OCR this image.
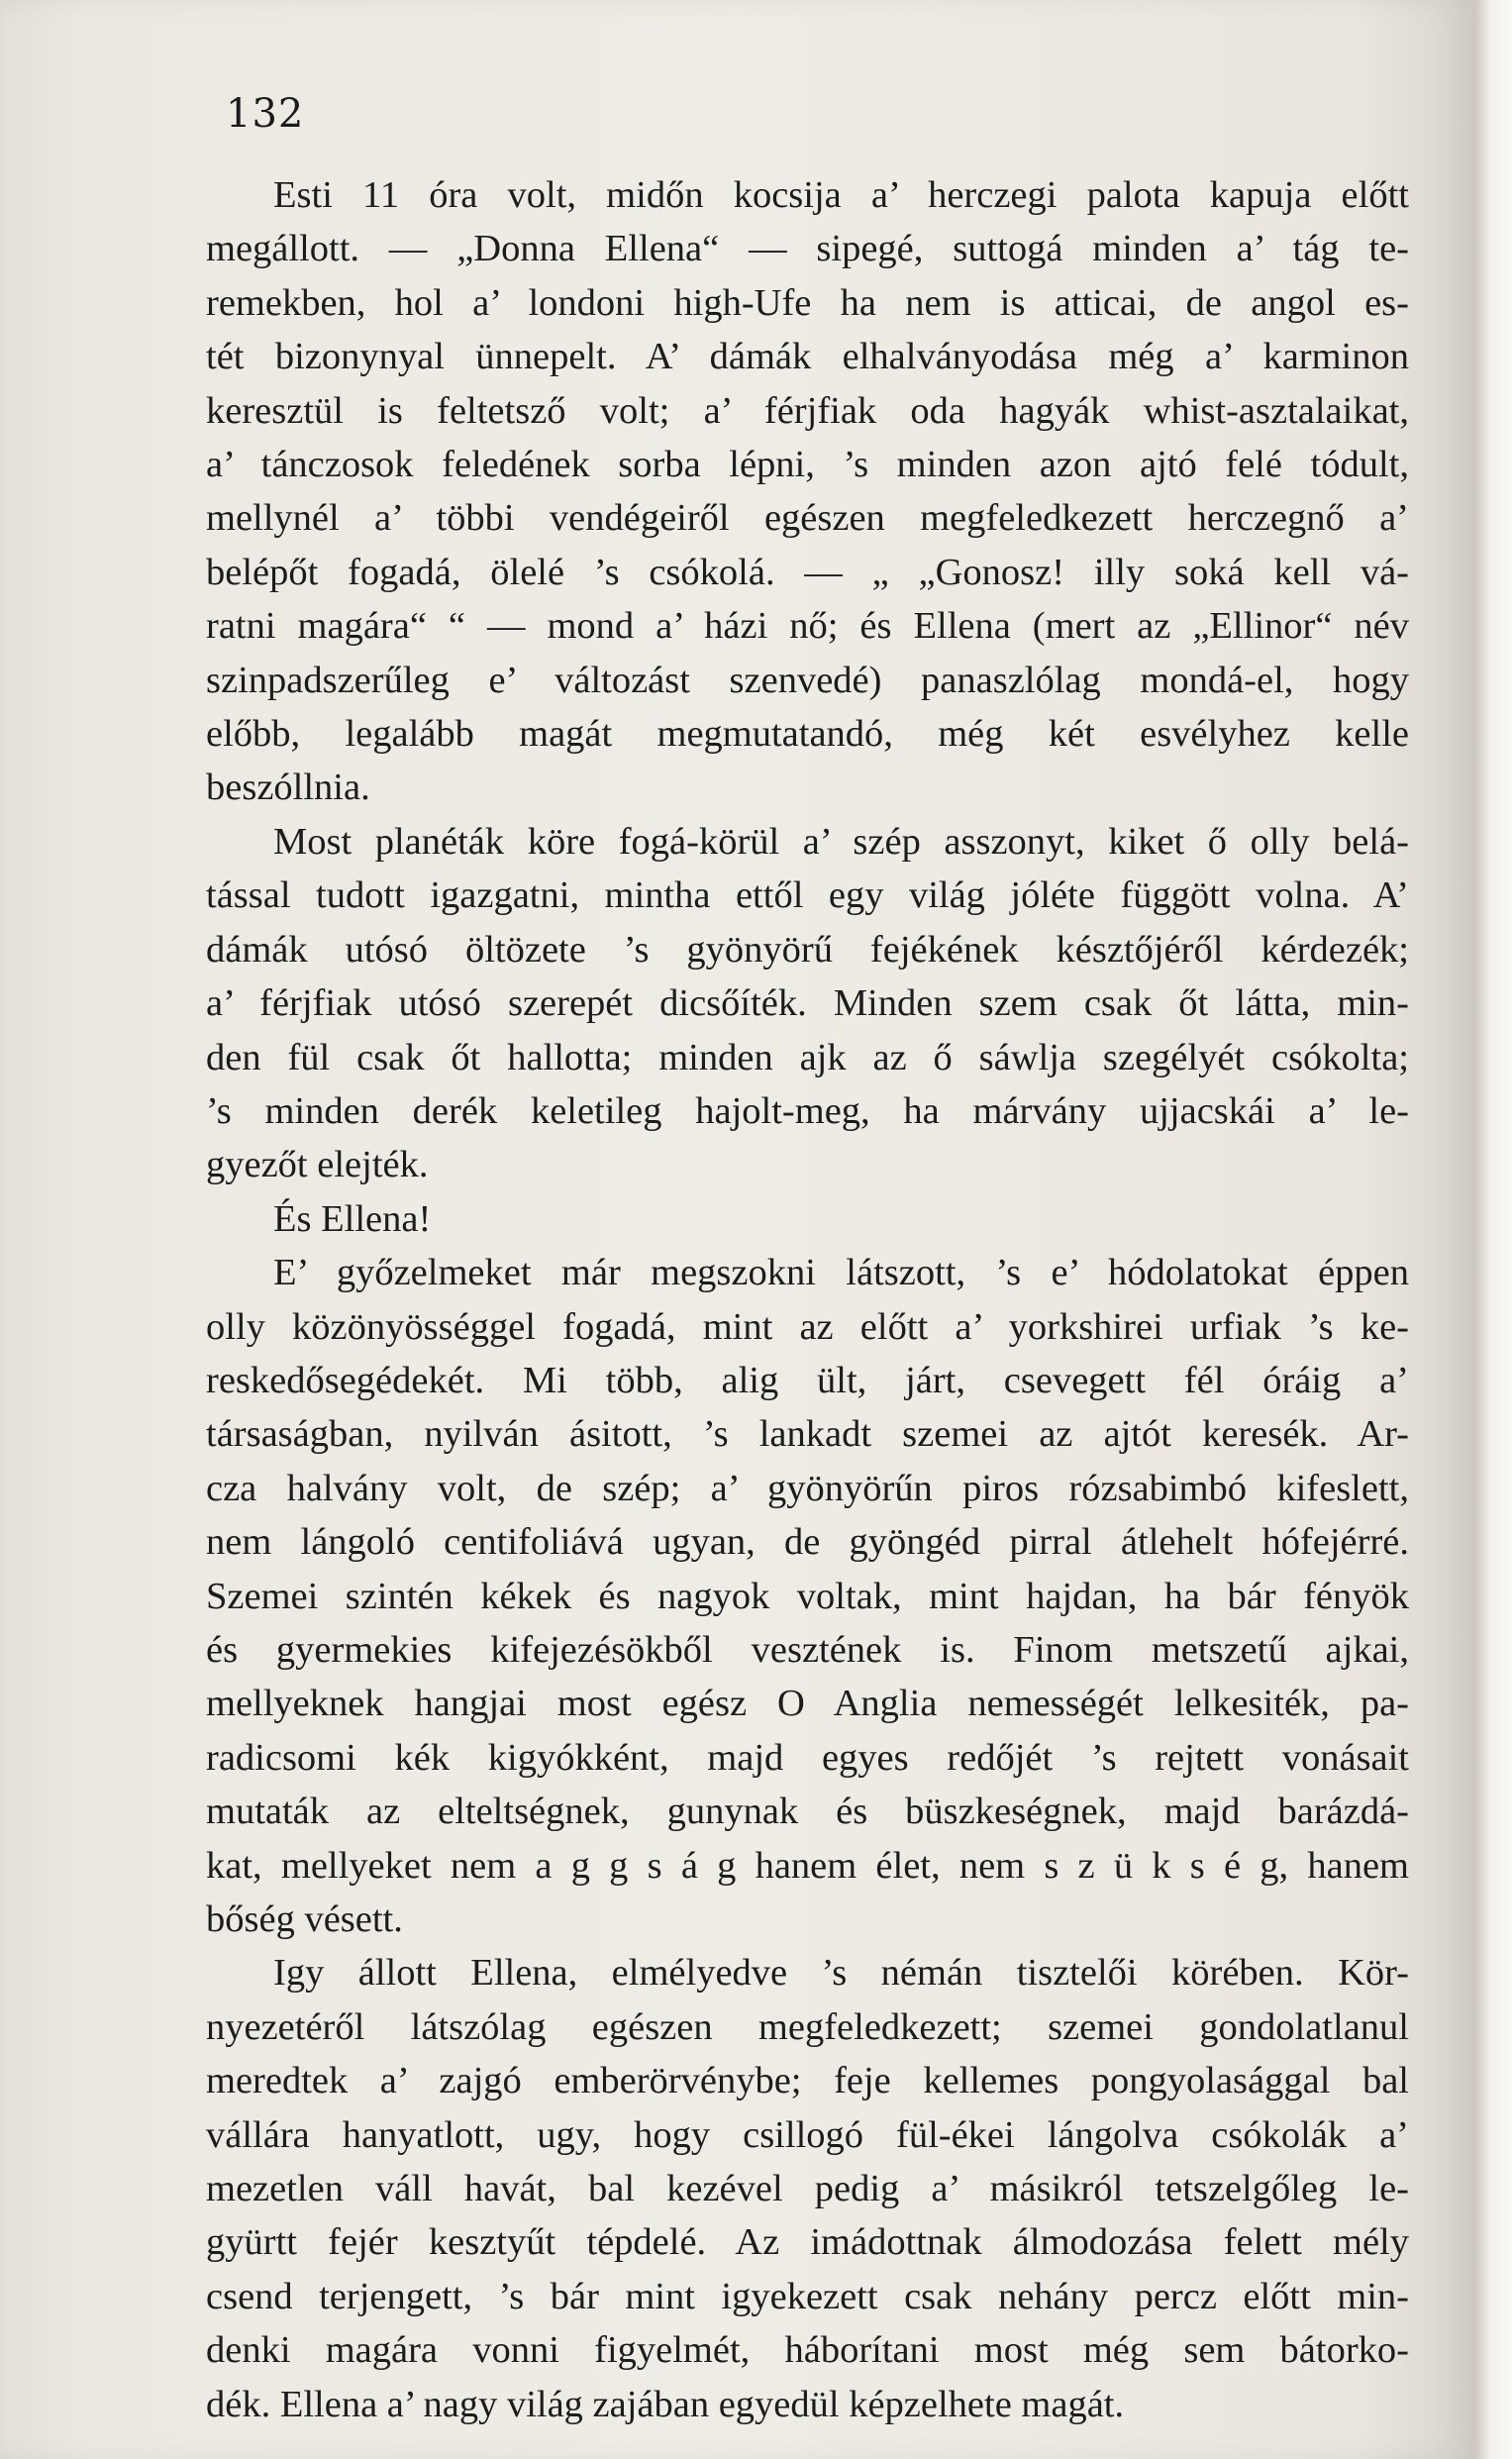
132

Esti 11 óra volt, midőn kocsija a’ herczegi palota kapuja előtt
megállott. — „Donna Ellena“ — sipegé, suttogá minden a’ tág te-
remekben, hol a’ londoni high-Ufe ha nem is atticai, de angol es-
tét bizonynyal ünnepelt. A’ dámák elhalványodása még a’ karminon
keresztül is feltetsző volt; a’ férjfiak oda hagyák whist-asztalaikat,
a’ tánczosok feledének sorba lépni, ’s minden azon ajtó felé tódult,
mellynél a’ többi vendégeiről egészen megfeledkezett herczegnő a’
belépőt fogadá, ölelé ’s csókolá. — „ „Gonosz! illy soká kell vá-
ratni magára“ “ — mond a’ házi nő; és Ellena (mert az „Ellinor“ név
szinpadszerűleg e’ változást szenvedé) panaszlólag mondá-el, hogy
előbb, legalább magát megmutatandó, még két esvélyhez kelle
beszóllnia.

Most planéták köre fogá-körül a’ szép asszonyt, kiket ő olly belá-
tással tudott igazgatni, mintha ettől egy világ jóléte függött volna. A’
dámák utósó öltözete ’s gyönyörű fejékének késztőjéről kérdezék;
a’ férjfiak utósó szerepét dicsőíték. Minden szem csak őt látta, min-
den fül csak őt hallotta; minden ajk az ő sáwlja szegélyét csókolta;
’s minden derék keletileg hajolt-meg, ha márvány ujjacskái a’ le-
gyezőt elejték.

És Ellena!

E’ győzelmeket már megszokni látszott, ’s e’ hódolatokat éppen
olly közönyösséggel fogadá, mint az előtt a’ yorkshirei urfiak ’s ke-
reskedősegédekét. Mi több, alig ült, járt, csevegett fél óráig a’
társaságban, nyilván ásitott, ’s lankadt szemei az ajtót keresék. Ar-
cza halvány volt, de szép; a’ gyönyörűn piros rózsabimbó kifeslett,
nem lángoló centifoliává ugyan, de gyöngéd pirral átlehelt hófejérré.
Szemei szintén kékek és nagyok voltak, mint hajdan, ha bár fényök
és gyermekies kifejezésökből vesztének is. Finom metszetű ajkai,
mellyeknek hangjai most egész O Anglia nemességét lelkesiték, pa-
radicsomi kék kigyókként, majd egyes redőjét ’s rejtett vonásait
mutaták az elteltségnek, gunynak és büszkeségnek, majd barázdá-
kat, mellyeket nem a g g s á g hanem élet, nem s z ü k s é g, hanem
bőség vésett.

Igy állott Ellena, elmélyedve ’s némán tisztelői körében. Kör-
nyezetéről látszólag egészen megfeledkezett; szemei gondolatlanul
meredtek a’ zajgó emberörvénybe; feje kellemes pongyolasággal bal
vállára hanyatlott, ugy, hogy csillogó fül-ékei lángolva csókolák a’
mezetlen váll havát, bal kezével pedig a’ másikról tetszelgőleg le-
gyürtt fejér kesztyűt tépdelé. Az imádottnak álmodozása felett mély
csend terjengett, ’s bár mint igyekezett csak nehány percz előtt min-
denki magára vonni figyelmét, háborítani most még sem bátorko-
dék. Ellena a’ nagy világ zajában egyedül képzelhete magát.
